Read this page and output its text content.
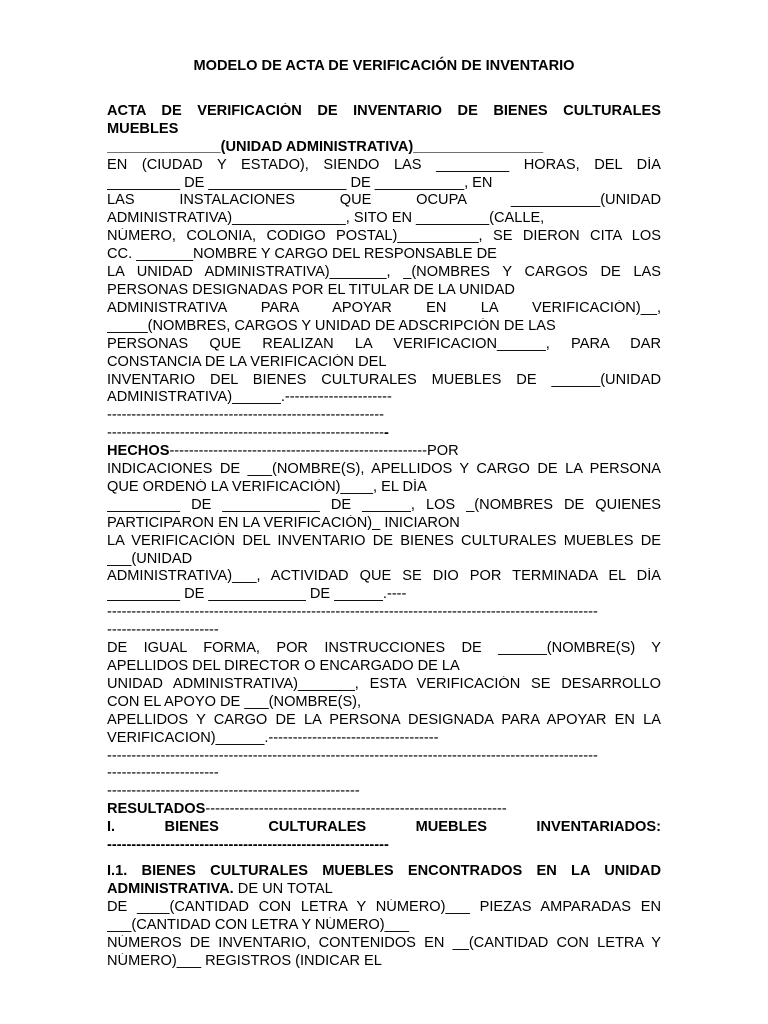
MODELO DE ACTA DE VERIFICACIÓN DE INVENTARIO
ACTA DE VERIFICACIÓN DE INVENTARIO DE BIENES CULTURALES
MUEBLES
______________(UNIDAD ADMINISTRATIVA)________________
EN (CIUDAD Y ESTADO), SIENDO LAS _________ HORAS, DEL DÍA
_________ DE _________________ DE ___________, EN
LAS INSTALACIONES QUE OCUPA ___________(UNIDAD
ADMINISTRATIVA)______________, SITO EN _________(CALLE,
NÚMERO, COLONIA, CODIGO POSTAL)__________, SE DIERON CITA LOS
CC. _______NOMBRE Y CARGO DEL RESPONSABLE DE
LA UNIDAD ADMINISTRATIVA)_______, _(NOMBRES Y CARGOS DE LAS
PERSONAS DESIGNADAS POR EL TITULAR DE LA UNIDAD
ADMINISTRATIVA PARA APOYAR EN LA VERIFICACIÓN)__,
_____(NOMBRES, CARGOS Y UNIDAD DE ADSCRIPCIÓN DE LAS
PERSONAS QUE REALIZAN LA VERIFICACION______, PARA DAR
CONSTANCIA DE LA VERIFICACIÓN DEL
INVENTARIO DEL BIENES CULTURALES MUEBLES DE ______(UNIDAD
ADMINISTRATIVA)______.----------------------
---------------------------------------------------------
----------------------------------------------------------
HECHOS-----------------------------------------------------POR
INDICACIONES DE ___(NOMBRE(S), APELLIDOS Y CARGO DE LA PERSONA
QUE ORDENÓ LA VERIFICACIÓN)____, EL DÍA
_________ DE ____________ DE ______, LOS _(NOMBRES DE QUIENES
PARTICIPARON EN LA VERIFICACIÓN)_ INICIARON
LA VERIFICACIÓN DEL INVENTARIO DE BIENES CULTURALES MUEBLES DE
___(UNIDAD
ADMINISTRATIVA)___, ACTIVIDAD QUE SE DIO POR TERMINADA EL DÍA
_________ DE ____________ DE ______.----
-----------------------------------------------------------------------------------------------------
-----------------------
DE IGUAL FORMA, POR INSTRUCCIONES DE ______(NOMBRE(S) Y
APELLIDOS DEL DIRECTOR O ENCARGADO DE LA
UNIDAD ADMINISTRATIVA)_______, ESTA VERIFICACIÓN SE DESARROLLO
CON EL APOYO DE ___(NOMBRE(S),
APELLIDOS Y CARGO DE LA PERSONA DESIGNADA PARA APOYAR EN LA
VERIFICACION)______.-----------------------------------
-----------------------------------------------------------------------------------------------------
-----------------------
----------------------------------------------------
RESULTADOS--------------------------------------------------------------
I. BIENES CULTURALES MUEBLES INVENTARIADOS:
----------------------------------------------------------
I.1. BIENES CULTURALES MUEBLES ENCONTRADOS EN LA UNIDAD
ADMINISTRATIVA. DE UN TOTAL
DE ____(CANTIDAD CON LETRA Y NÚMERO)___ PIEZAS AMPARADAS EN
___(CANTIDAD CON LETRA Y NÚMERO)___
NÚMEROS DE INVENTARIO, CONTENIDOS EN __(CANTIDAD CON LETRA Y
NÚMERO)___ REGISTROS (INDICAR EL
